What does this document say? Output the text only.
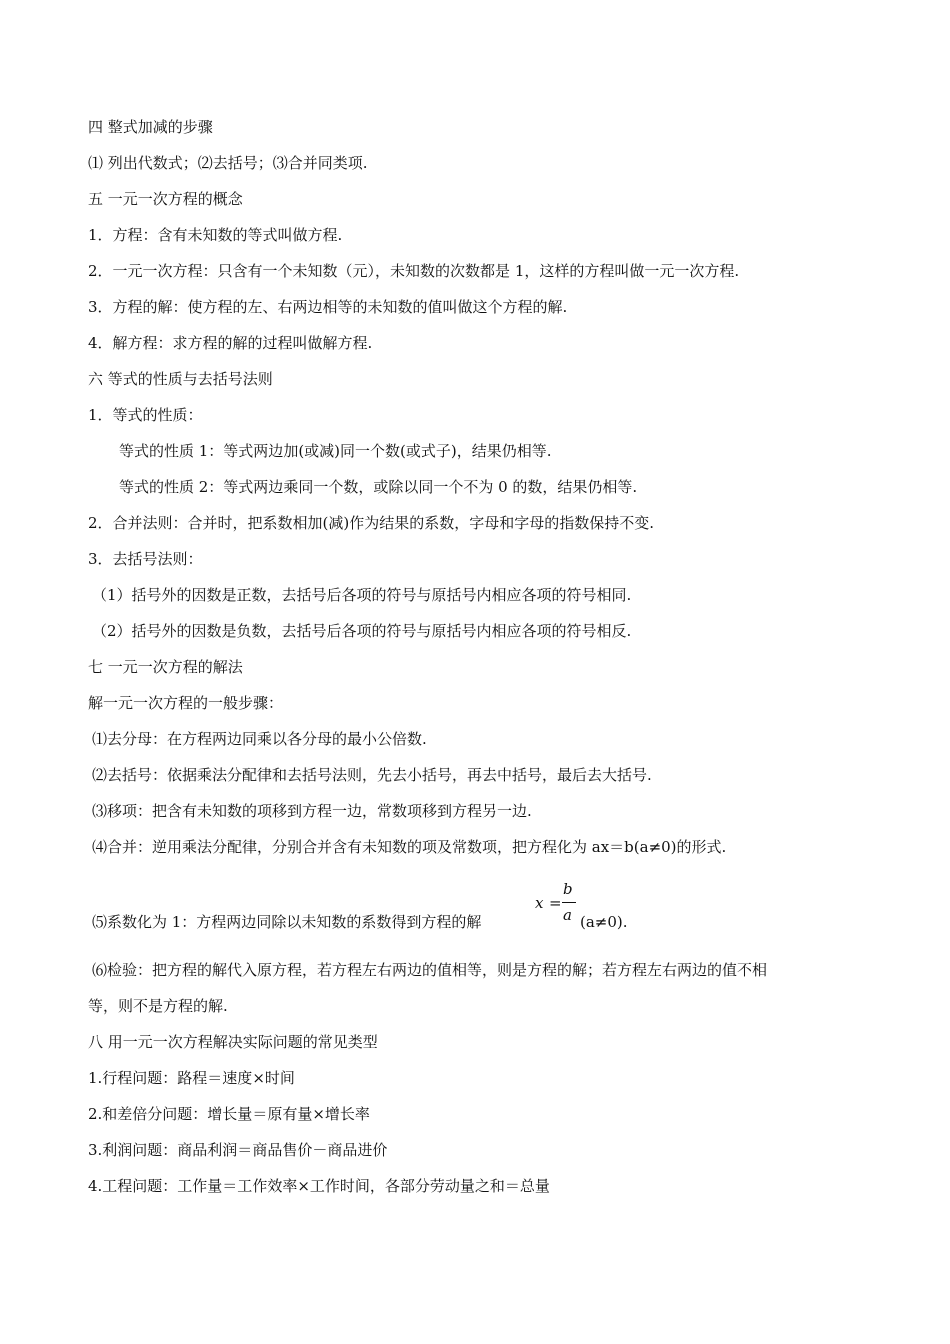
四 整式加减的步骤
⑴ 列出代数式；⑵去括号；⑶合并同类项.
五 一元一次方程的概念
1．方程：含有未知数的等式叫做方程.
2．一元一次方程：只含有一个未知数（元），未知数的次数都是 1，这样的方程叫做一元一次方程.
3．方程的解：使方程的左、右两边相等的未知数的值叫做这个方程的解.
4．解方程：求方程的解的过程叫做解方程.
六 等式的性质与去括号法则
1．等式的性质：
等式的性质 1：等式两边加(或减)同一个数(或式子)，结果仍相等.
等式的性质 2：等式两边乘同一个数，或除以同一个不为 0 的数，结果仍相等.
2．合并法则：合并时，把系数相加(减)作为结果的系数，字母和字母的指数保持不变.
3．去括号法则：
（1）括号外的因数是正数，去括号后各项的符号与原括号内相应各项的符号相同.
（2）括号外的因数是负数，去括号后各项的符号与原括号内相应各项的符号相反.
七 一元一次方程的解法
解一元一次方程的一般步骤：
⑴去分母：在方程两边同乘以各分母的最小公倍数.
⑵去括号：依据乘法分配律和去括号法则，先去小括号，再去中括号，最后去大括号.
⑶移项：把含有未知数的项移到方程一边，常数项移到方程另一边.
⑷合并：逆用乘法分配律，分别合并含有未知数的项及常数项，把方程化为 ax＝b(a≠0)的形式.
⑸系数化为 1：方程两边同除以未知数的系数得到方程的解
x =
b
a (a≠0).
⑹检验：把方程的解代入原方程，若方程左右两边的值相等，则是方程的解；若方程左右两边的值不相
等，则不是方程的解.
八 用一元一次方程解决实际问题的常见类型
1.行程问题：路程＝速度×时间
2.和差倍分问题：增长量＝原有量×增长率
3.利润问题：商品利润＝商品售价－商品进价
4.工程问题：工作量＝工作效率×工作时间，各部分劳动量之和＝总量
